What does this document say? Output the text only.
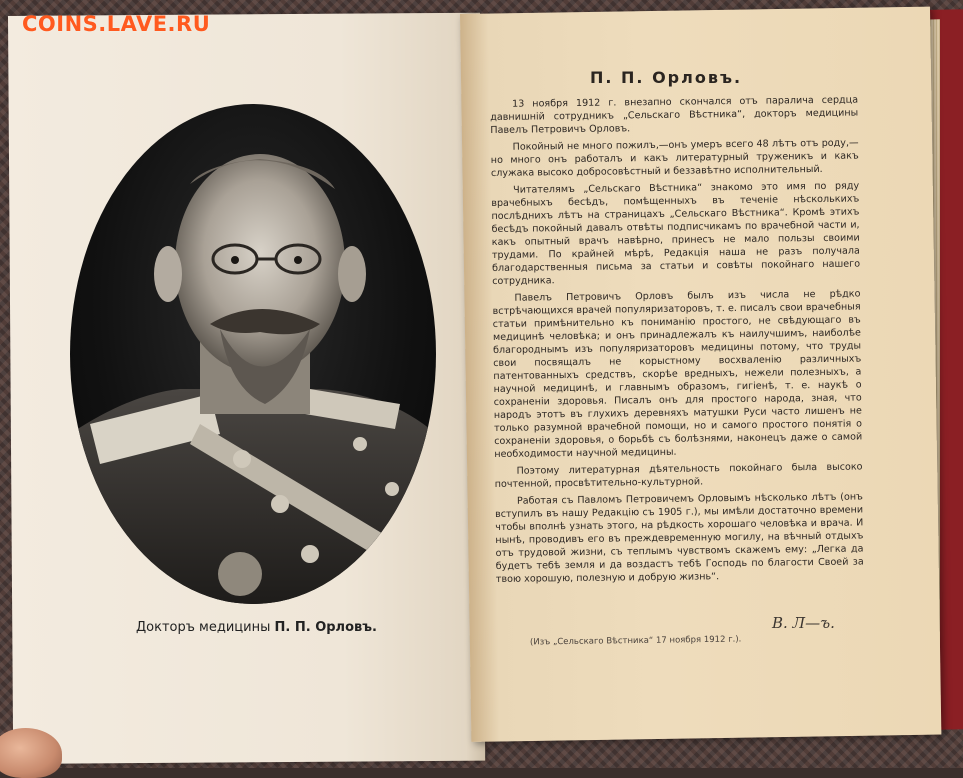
COINS.LAVE.RU
Докторъ медицины П. П. Орловъ.
П. П. Орловъ.

13 ноября 1912 г. внезапно скончался отъ паралича сердца давнишній сотрудникъ „Сельскаго Вѣстника“, докторъ медицины Павелъ Петровичъ Орловъ.

Покойный не много пожилъ,—онъ умеръ всего 48 лѣтъ отъ роду,—но много онъ работалъ и какъ литературный труженикъ и какъ служака высоко добросовѣстный и беззавѣтно исполнительный.

Читателямъ „Сельскаго Вѣстника“ знакомо это имя по ряду врачебныхъ бесѣдъ, помѣщенныхъ въ теченіе нѣсколькихъ послѣднихъ лѣтъ на страницахъ „Сельскаго Вѣстника“. Кромѣ этихъ бесѣдъ покойный давалъ отвѣты подписчикамъ по врачебной части и, какъ опытный врачъ навѣрно, принесъ не мало пользы своими трудами. По крайней мѣрѣ, Редакція наша не разъ получала благодарственныя письма за статьи и совѣты покойнаго нашего сотрудника.

Павелъ Петровичъ Орловъ былъ изъ числа не рѣдко встрѣчающихся врачей популяризаторовъ, т. е. писалъ свои врачебныя статьи примѣнительно къ пониманію простого, не свѣдующаго въ медицинѣ человѣка; и онъ принадлежалъ къ наилучшимъ, наиболѣе благороднымъ изъ популяризаторовъ медицины потому, что труды свои посвящалъ не корыстному восхваленію различныхъ патентованныхъ средствъ, скорѣе вредныхъ, нежели полезныхъ, а научной медицинѣ, и главнымъ образомъ, гигіенѣ, т. е. наукѣ о сохраненіи здоровья. Писалъ онъ для простого народа, зная, что народъ этотъ въ глухихъ деревняхъ матушки Руси часто лишенъ не только разумной врачебной помощи, но и самого простого понятія о сохраненіи здоровья, о борьбѣ съ болѣзнями, наконецъ даже о самой необходимости научной медицины.

Поэтому литературная дѣятельность покойнаго была высоко почтенной, просвѣтительно-культурной.

Работая съ Павломъ Петровичемъ Орловымъ нѣсколько лѣтъ (онъ вступилъ въ нашу Редакцію съ 1905 г.), мы имѣли достаточно времени чтобы вполнѣ узнать этого, на рѣдкость хорошаго человѣка и врача. И нынѣ, проводивъ его въ преждевременную могилу, на вѣчный отдыхъ отъ трудовой жизни, съ теплымъ чувствомъ скажемъ ему: „Легка да будетъ тебѣ земля и да воздастъ тебѣ Господь по благости Своей за твою хорошую, полезную и добрую жизнь“.

В. Л—ъ.
(Изъ „Сельскаго Вѣстника“ 17 ноября 1912 г.).
